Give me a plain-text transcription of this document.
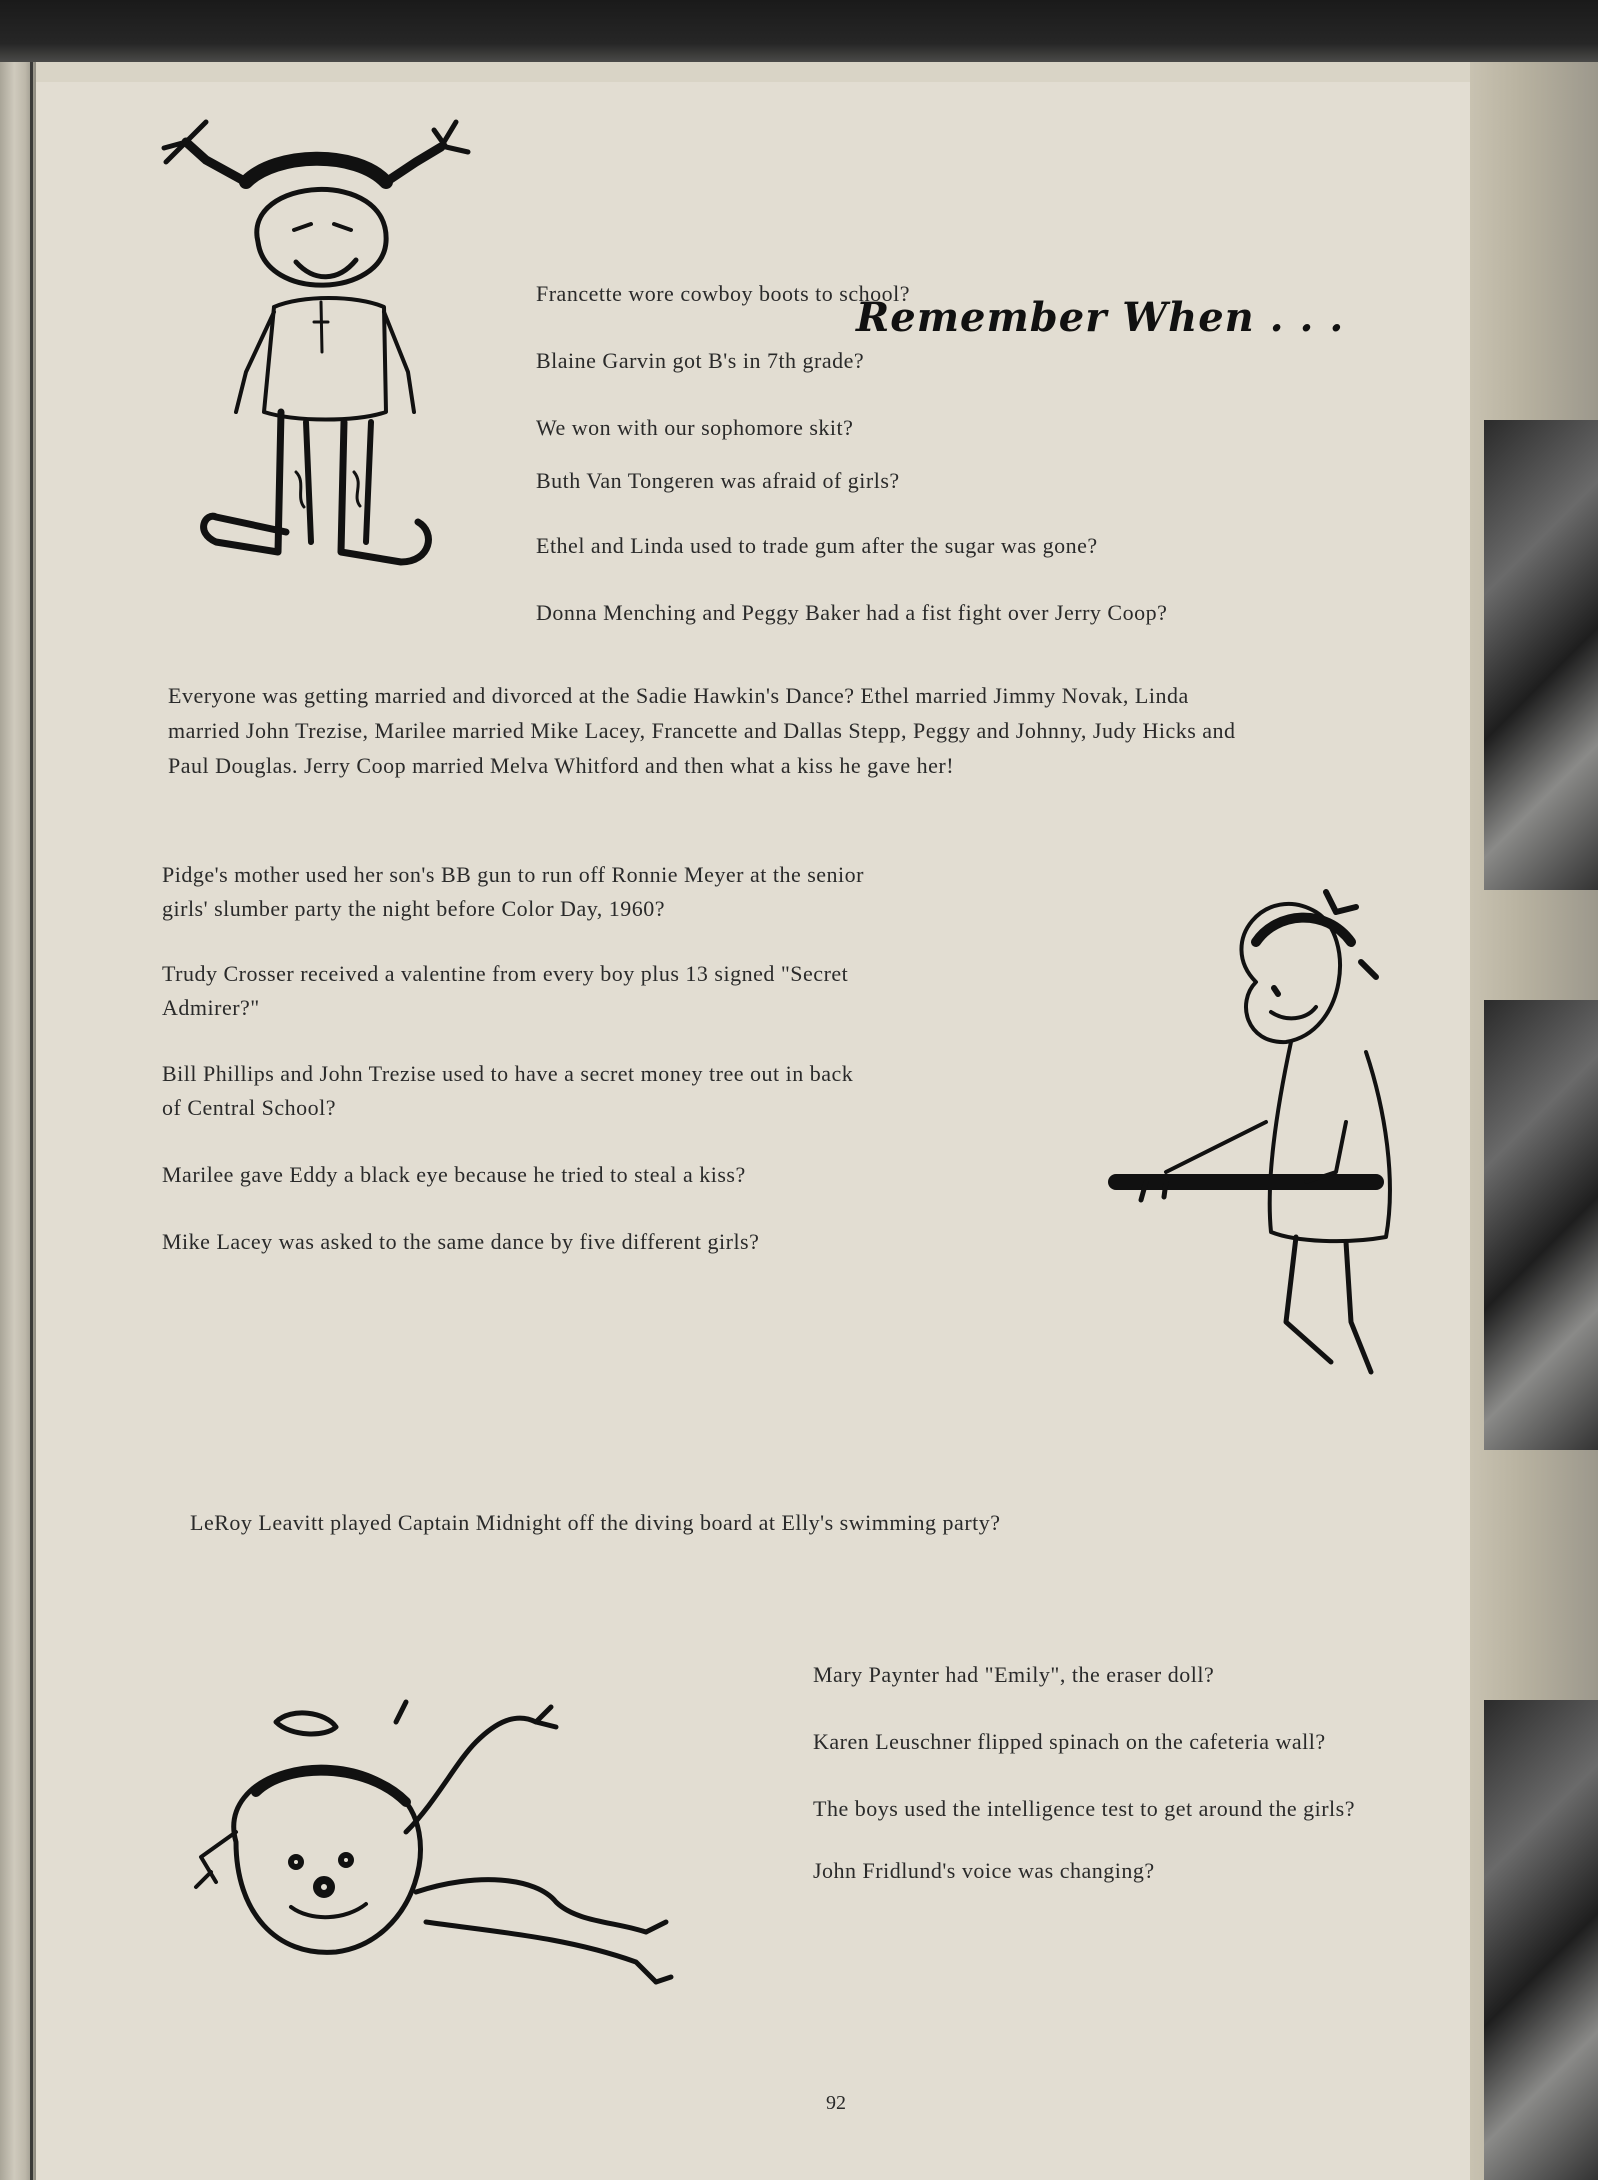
Remember When . . .

Francette wore cowboy boots to school?

Blaine Garvin got B's in 7th grade?

We won with our sophomore skit?

Buth Van Tongeren was afraid of girls?

Ethel and Linda used to trade gum after the sugar was gone?

Donna Menching and Peggy Baker had a fist fight over Jerry Coop?

Everyone was getting married and divorced at the Sadie Hawkin's Dance? Ethel married Jimmy Novak, Linda

married John Trezise, Marilee married Mike Lacey, Francette and Dallas Stepp, Peggy and Johnny, Judy Hicks and

Paul Douglas. Jerry Coop married Melva Whitford and then what a kiss he gave her!

Pidge's mother used her son's BB gun to run off Ronnie Meyer at the senior

girls' slumber party the night before Color Day, 1960?

Trudy Crosser received a valentine from every boy plus 13 signed "Secret

Admirer?"

Bill Phillips and John Trezise used to have a secret money tree out in back

of Central School?

Marilee gave Eddy a black eye because he tried to steal a kiss?

Mike Lacey was asked to the same dance by five different girls?

LeRoy Leavitt played Captain Midnight off the diving board at Elly's swimming party?

Mary Paynter had "Emily", the eraser doll?

Karen Leuschner flipped spinach on the cafeteria wall?

The boys used the intelligence test to get around the girls?

John Fridlund's voice was changing?

92
